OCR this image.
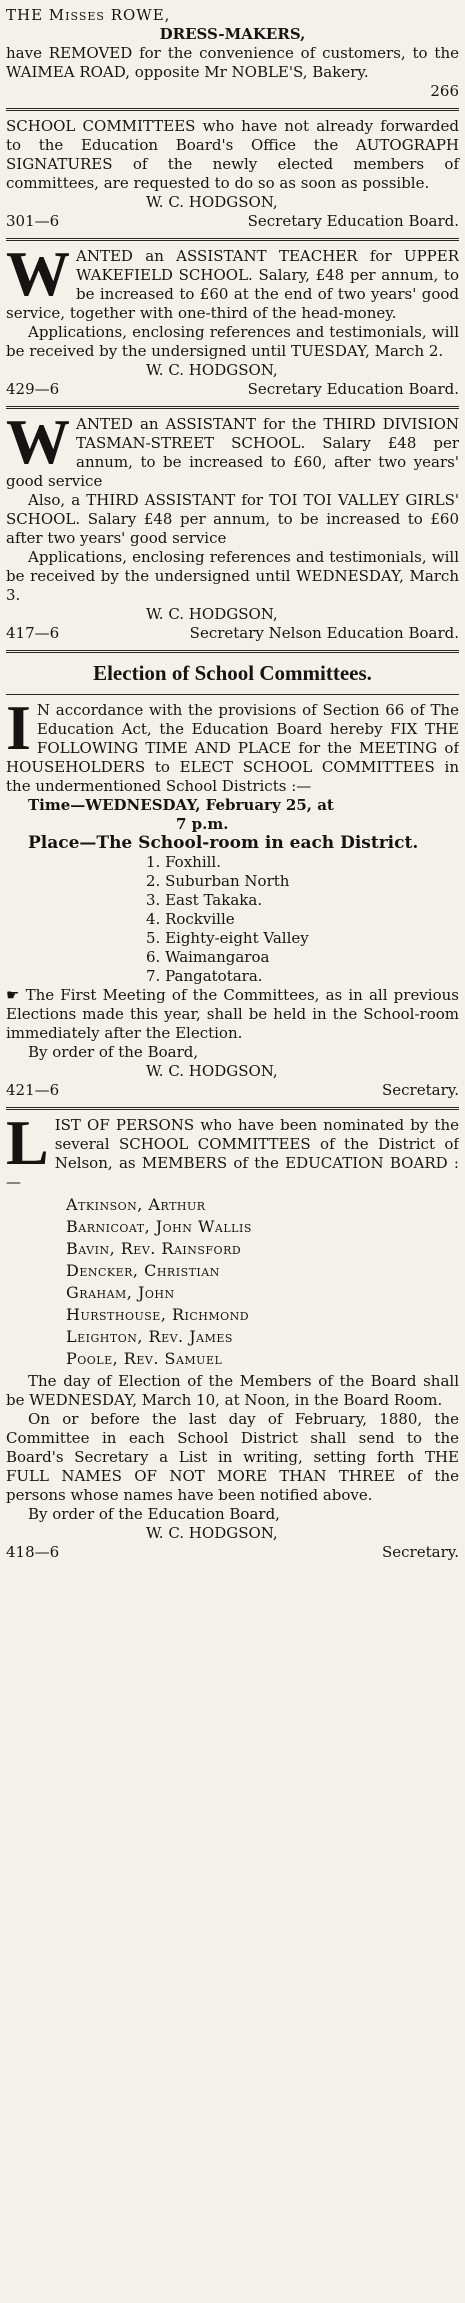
THE Misses ROWE,
DRESS-MAKERS,

have REMOVED for the convenience of customers, to the WAIMEA ROAD, opposite Mr NOBLE'S, Bakery.

266

SCHOOL COMMITTEES who have not already forwarded to the Education Board's Office the AUTOGRAPH SIGNATURES of the newly elected members of committees, are requested to do so as soon as possible.

W. C. HODGSON,
301—6	Secretary Education Board.
W ANTED an ASSISTANT TEACHER for UPPER WAKEFIELD SCHOOL. Salary, £48 per annum, to be increased to £60 at the end of two years' good service, together with one-third of the head-money.

Applications, enclosing references and testimonials, will be received by the undersigned until TUESDAY, March 2.

W. C. HODGSON,
429—6	Secretary Education Board.
W ANTED an ASSISTANT for the THIRD DIVISION TASMAN-STREET SCHOOL. Salary £48 per annum, to be increased to £60, after two years' good service

Also, a THIRD ASSISTANT for TOI TOI VALLEY GIRLS' SCHOOL. Salary £48 per annum, to be increased to £60 after two years' good service

Applications, enclosing references and testimonials, will be received by the undersigned until WEDNESDAY, March 3.

W. C. HODGSON,
417—6	Secretary Nelson Education Board.
Election of School Committees.
I N accordance with the provisions of Section 66 of The Education Act, the Education Board hereby FIX THE FOLLOWING TIME AND PLACE for the MEETING of HOUSEHOLDERS to ELECT SCHOOL COMMITTEES in the undermentioned School Districts :—

Time—WEDNESDAY, February 25, at

7 p.m.

Place—The School-room in each District.

1. Foxhill.
2. Suburban North
3. East Takaka.
4. Rockville
5. Eighty-eight Valley
6. Waimangaroa
7. Pangatotara.

☛ The First Meeting of the Committees, as in all previous Elections made this year, shall be held in the School-room immediately after the Election.

By order of the Board,

W. C. HODGSON,
421—6	Secretary.
L IST OF PERSONS who have been nominated by the several SCHOOL COMMITTEES of the District of Nelson, as MEMBERS of the EDUCATION BOARD :—

Atkinson, Arthur
Barnicoat, John Wallis
Bavin, Rev. Rainsford
Dencker, Christian
Graham, John
Hursthouse, Richmond
Leighton, Rev. James
Poole, Rev. Samuel

The day of Election of the Members of the Board shall be WEDNESDAY, March 10, at Noon, in the Board Room.

On or before the last day of February, 1880, the Committee in each School District shall send to the Board's Secretary a List in writing, setting forth THE FULL NAMES OF NOT MORE THAN THREE of the persons whose names have been notified above.

By order of the Education Board,

W. C. HODGSON,
418—6	Secretary.
